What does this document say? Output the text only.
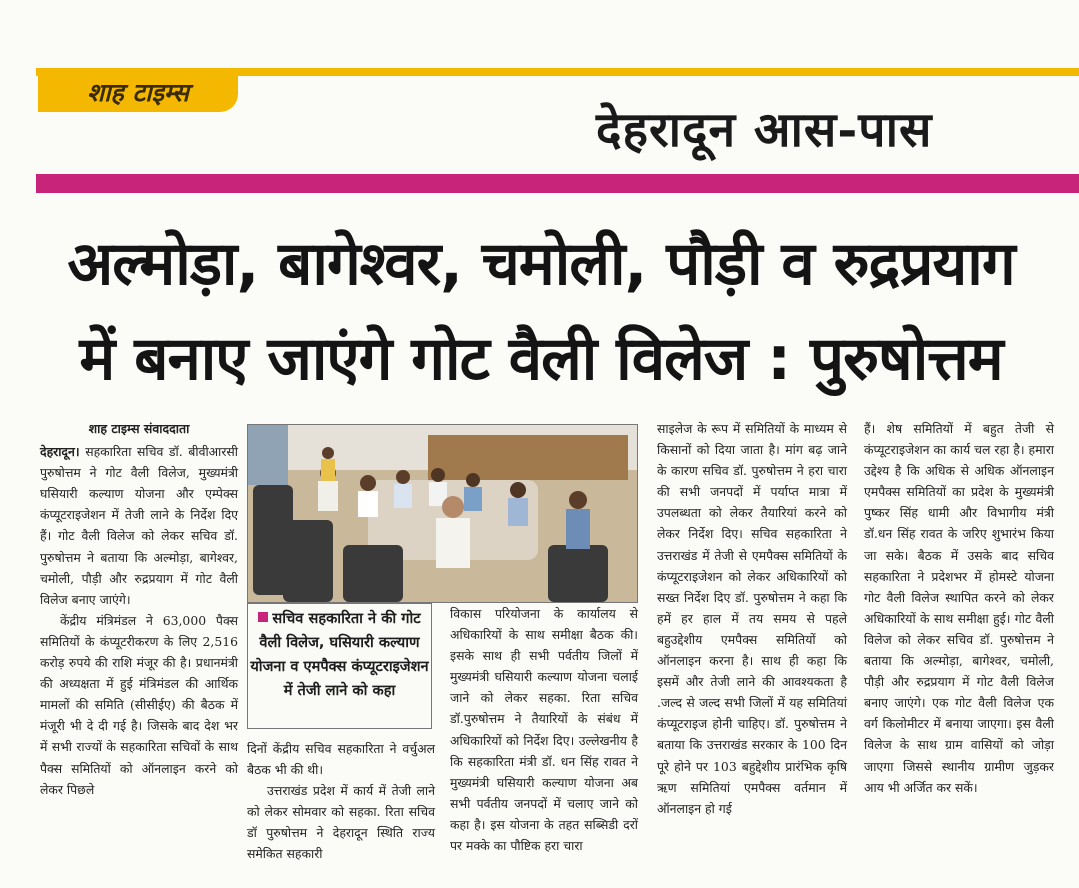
शाह टाइम्स
देहरादून आस-पास
अल्मोड़ा, बागेश्वर, चमोली, पौड़ी व रुद्रप्रयाग
में बनाए जाएंगे गोट वैली विलेज : पुरुषोत्तम

शाह टाइम्स संवाददाता

देहरादून। सहकारिता सचिव डॉ. बीवीआरसी पुरुषोत्तम ने गोट वैली विलेज, मुख्यमंत्री घसियारी कल्याण योजना और एम्पेक्स कंप्यूटराइजेशन में तेजी लाने के निर्देश दिए हैं। गोट वैली विलेज को लेकर सचिव डॉ. पुरुषोत्तम ने बताया कि अल्मोड़ा, बागेश्वर, चमोली, पौड़ी और रुद्रप्रयाग में गोट वैली विलेज बनाए जाएंगे।

केंद्रीय मंत्रिमंडल ने 63,000 पैक्स समितियों के कंप्यूटरीकरण के लिए 2,516 करोड़ रुपये की राशि मंजूर की है। प्रधानमंत्री की अध्यक्षता में हुई मंत्रिमंडल की आर्थिक मामलों की समिति (सीसीईए) की बैठक में मंजूरी भी दे दी गई है। जिसके बाद देश भर में सभी राज्यों के सहकारिता सचिवों के साथ पैक्स समितियों को ऑनलाइन करने को लेकर पिछले

सचिव सहकारिता ने की गोट वैली विलेज, घसियारी कल्याण योजना व एमपैक्स कंप्यूटराइजेशन में तेजी लाने को कहा

दिनों केंद्रीय सचिव सहकारिता ने वर्चुअल बैठक भी की थी।

उत्तराखंड प्रदेश में कार्य में तेजी लाने को लेकर सोमवार को सहका. रिता सचिव डॉ पुरुषोत्तम ने देहरादून स्थिति राज्य समेकित सहकारी

विकास परियोजना के कार्यालय से अधिकारियों के साथ समीक्षा बैठक की। इसके साथ ही सभी पर्वतीय जिलों में मुख्यमंत्री घसियारी कल्याण योजना चलाई जाने को लेकर सहका. रिता सचिव डॉ.पुरुषोत्तम ने तैयारियों के संबंध में अधिकारियों को निर्देश दिए। उल्लेखनीय है कि सहकारिता मंत्री डॉ. धन सिंह रावत ने मुख्यमंत्री घसियारी कल्याण योजना अब सभी पर्वतीय जनपदों में चलाए जाने को कहा है। इस योजना के तहत सब्सिडी दरों पर मक्के का पौष्टिक हरा चारा

साइलेज के रूप में समितियों के माध्यम से किसानों को दिया जाता है। मांग बढ़ जाने के कारण सचिव डॉ. पुरुषोत्तम ने हरा चारा की सभी जनपदों में पर्याप्त मात्रा में उपलब्धता को लेकर तैयारियां करने को लेकर निर्देश दिए। सचिव सहकारिता ने उत्तराखंड में तेजी से एमपैक्स समितियों के कंप्यूटराइजेशन को लेकर अधिकारियों को सख्त निर्देश दिए डॉ. पुरुषोत्तम ने कहा कि हमें हर हाल में तय समय से पहले बहुउद्देशीय एमपैक्स समितियों को ऑनलाइन करना है। साथ ही कहा कि इसमें और तेजी लाने की आवश्यकता है .जल्द से जल्द सभी जिलों में यह समितियां कंप्यूटराइज होनी चाहिए। डॉ. पुरुषोत्तम ने बताया कि उत्तराखंड सरकार के 100 दिन पूरे होने पर 103 बहुद्देशीय प्रारंभिक कृषि ऋण समितियां एमपैक्स वर्तमान में ऑनलाइन हो गई

हैं। शेष समितियों में बहुत तेजी से कंप्यूटराइजेशन का कार्य चल रहा है। हमारा उद्देश्य है कि अधिक से अधिक ऑनलाइन एमपैक्स समितियों का प्रदेश के मुख्यमंत्री पुष्कर सिंह धामी और विभागीय मंत्री डॉ.धन सिंह रावत के जरिए शुभारंभ किया जा सके। बैठक में उसके बाद सचिव सहकारिता ने प्रदेशभर में होमस्टे योजना गोट वैली विलेज स्थापित करने को लेकर अधिकारियों के साथ समीक्षा हुई। गोट वैली विलेज को लेकर सचिव डॉ. पुरुषोत्तम ने बताया कि अल्मोड़ा, बागेश्वर, चमोली, पौड़ी और रुद्रप्रयाग में गोट वैली विलेज बनाए जाएंगे। एक गोट वैली विलेज एक वर्ग किलोमीटर में बनाया जाएगा। इस वैली विलेज के साथ ग्राम वासियों को जोड़ा जाएगा जिससे स्थानीय ग्रामीण जुड़कर आय भी अर्जित कर सकें।
